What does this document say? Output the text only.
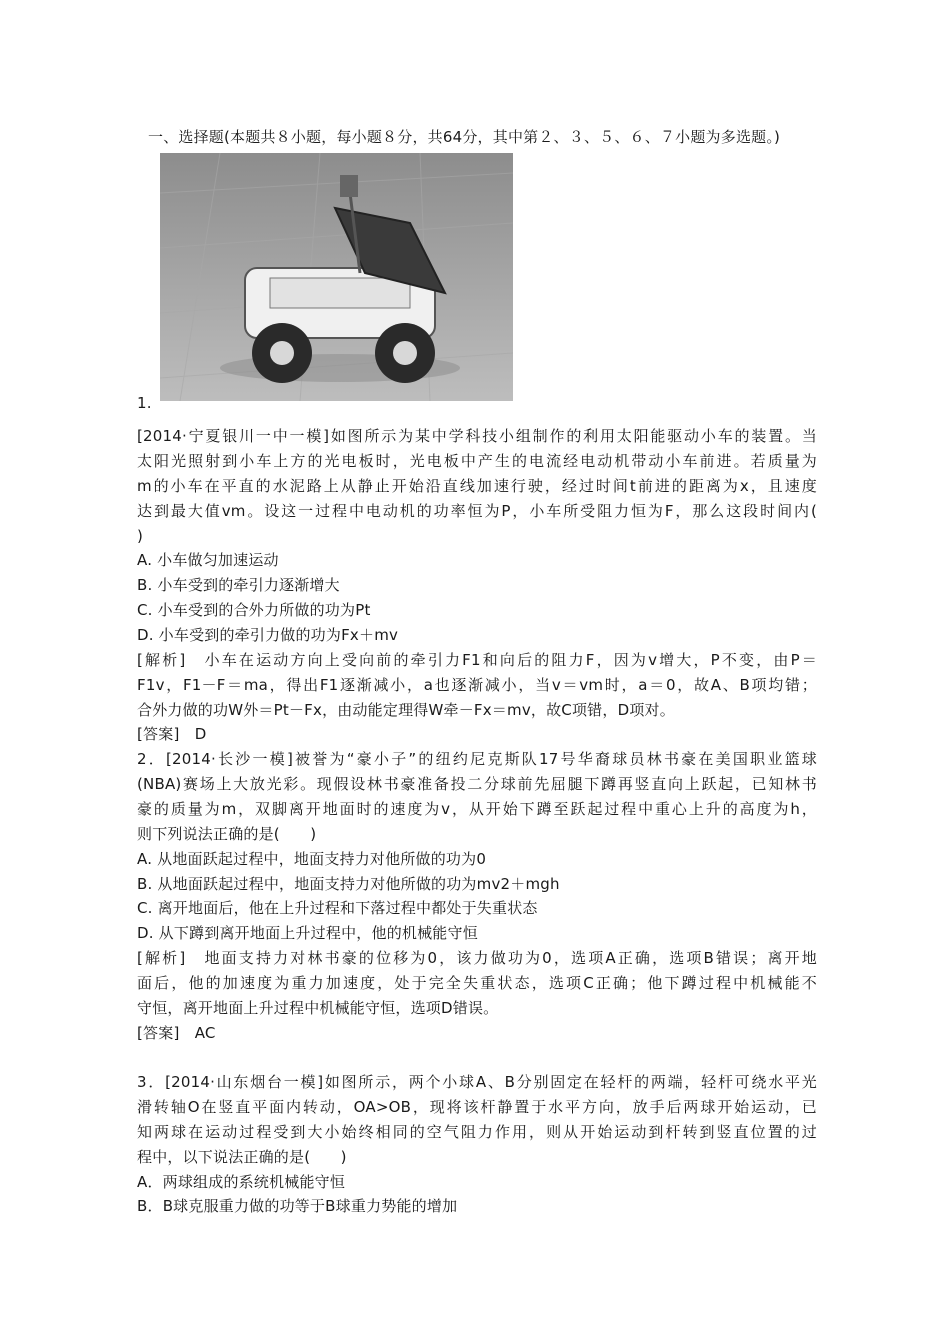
一、选择题(本题共８小题，每小题８分，共64分，其中第２、３、５、６、７小题为多选题。)
1.
[2014·宁夏银川一中一模]如图所示为某中学科技小组制作的利用太阳能驱动小车的装置。当
太阳光照射到小车上方的光电板时，光电板中产生的电流经电动机带动小车前进。若质量为
m的小车在平直的水泥路上从静止开始沿直线加速行驶，经过时间t前进的距离为x，且速度
达到最大值vm。设这一过程中电动机的功率恒为P，小车所受阻力恒为F，那么这段时间内(
)
A. 小车做匀加速运动
B. 小车受到的牵引力逐渐增大
C. 小车受到的合外力所做的功为Pt
D. 小车受到的牵引力做的功为Fx＋mv
[解析]　小车在运动方向上受向前的牵引力F1和向后的阻力F，因为v增大，P不变，由P＝
F1v，F1－F＝ma，得出F1逐渐减小，a也逐渐减小，当v＝vm时，a＝0，故A、B项均错；
合外力做的功W外＝Pt－Fx，由动能定理得W牵－Fx＝mv，故C项错，D项对。
[答案]　D
2．[2014·长沙一模]被誉为“豪小子”的纽约尼克斯队17号华裔球员林书豪在美国职业篮球
(NBA)赛场上大放光彩。现假设林书豪准备投二分球前先屈腿下蹲再竖直向上跃起，已知林书
豪的质量为m，双脚离开地面时的速度为v，从开始下蹲至跃起过程中重心上升的高度为h，
则下列说法正确的是(　　)
A. 从地面跃起过程中，地面支持力对他所做的功为0
B. 从地面跃起过程中，地面支持力对他所做的功为mv2＋mgh
C. 离开地面后，他在上升过程和下落过程中都处于失重状态
D. 从下蹲到离开地面上升过程中，他的机械能守恒
[解析]　地面支持力对林书豪的位移为0，该力做功为0，选项A正确，选项B错误；离开地
面后，他的加速度为重力加速度，处于完全失重状态，选项C正确；他下蹲过程中机械能不
守恒，离开地面上升过程中机械能守恒，选项D错误。
[答案]　AC
3．[2014·山东烟台一模]如图所示，两个小球A、B分别固定在轻杆的两端，轻杆可绕水平光
滑转轴O在竖直平面内转动，OA>OB，现将该杆静置于水平方向，放手后两球开始运动，已
知两球在运动过程受到大小始终相同的空气阻力作用，则从开始运动到杆转到竖直位置的过
程中，以下说法正确的是(　　)
A．两球组成的系统机械能守恒
B．B球克服重力做的功等于B球重力势能的增加
